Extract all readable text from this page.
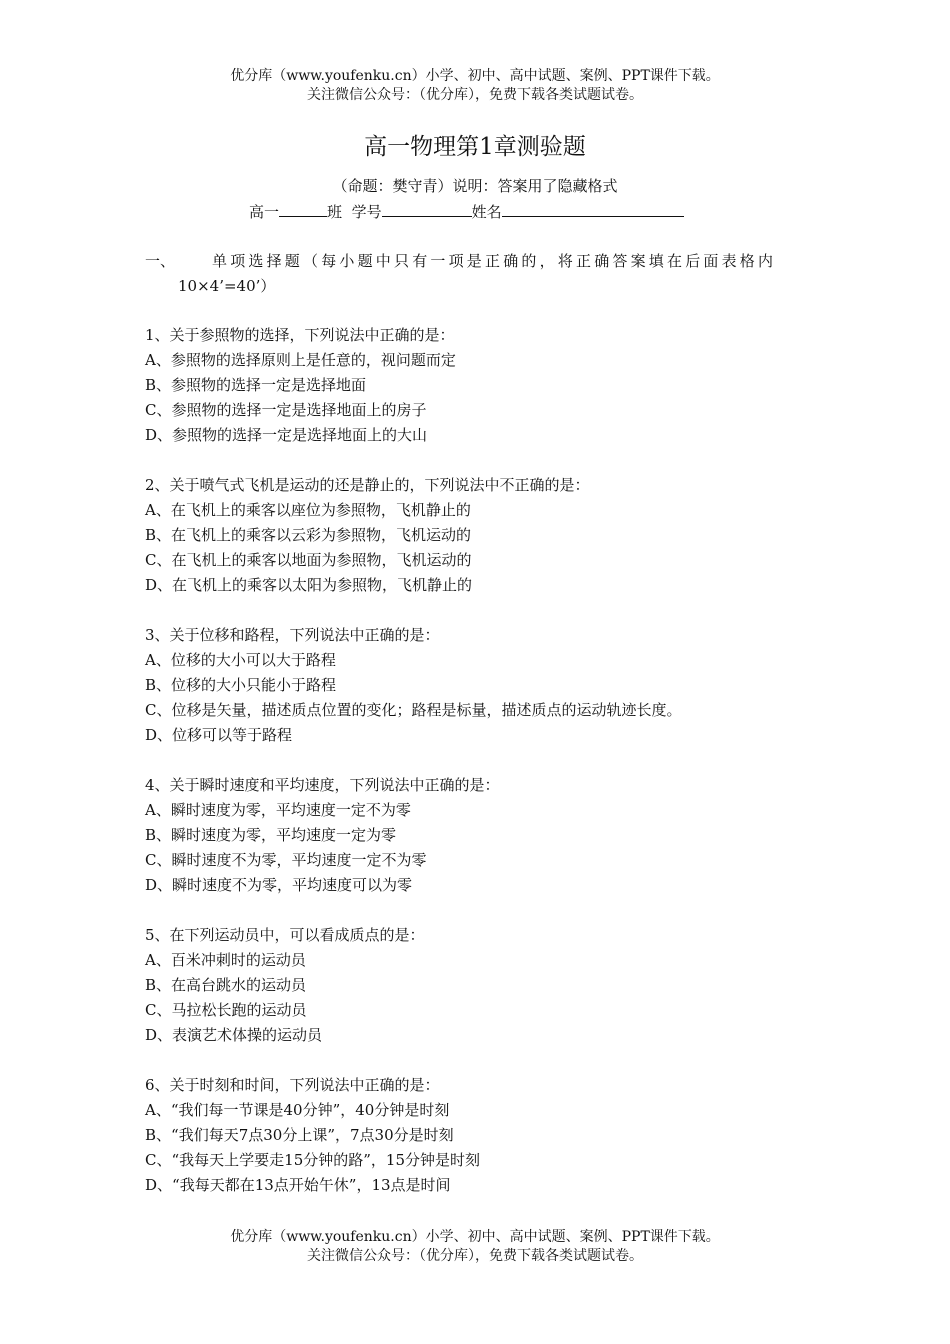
优分库（www.youfenku.cn）小学、初中、高中试题、案例、PPT课件下载。
关注微信公众号：（优分库），免费下载各类试题试卷。
高一物理第1章测验题
（命题：樊守青）说明：答案用了隐藏格式
高一	班 学号	姓名
一、 单项选择题（每小题中只有一项是正确的，将正确答案填在后面表格内
10×4’=40’）
1、关于参照物的选择，下列说法中正确的是：
A、参照物的选择原则上是任意的，视问题而定
B、参照物的选择一定是选择地面
C、参照物的选择一定是选择地面上的房子
D、参照物的选择一定是选择地面上的大山
2、关于喷气式飞机是运动的还是静止的，下列说法中不正确的是：
A、在飞机上的乘客以座位为参照物，飞机静止的
B、在飞机上的乘客以云彩为参照物，飞机运动的
C、在飞机上的乘客以地面为参照物，飞机运动的
D、在飞机上的乘客以太阳为参照物，飞机静止的
3、关于位移和路程，下列说法中正确的是：
A、位移的大小可以大于路程
B、位移的大小只能小于路程
C、位移是矢量，描述质点位置的变化；路程是标量，描述质点的运动轨迹长度。
D、位移可以等于路程
4、关于瞬时速度和平均速度，下列说法中正确的是：
A、瞬时速度为零，平均速度一定不为零
B、瞬时速度为零，平均速度一定为零
C、瞬时速度不为零，平均速度一定不为零
D、瞬时速度不为零，平均速度可以为零
5、在下列运动员中，可以看成质点的是：
A、百米冲刺时的运动员
B、在高台跳水的运动员
C、马拉松长跑的运动员
D、表演艺术体操的运动员
6、关于时刻和时间，下列说法中正确的是：
A、“我们每一节课是40分钟”，40分钟是时刻
B、“我们每天7点30分上课”，7点30分是时刻
C、“我每天上学要走15分钟的路”，15分钟是时刻
D、“我每天都在13点开始午休”，13点是时间
优分库（www.youfenku.cn）小学、初中、高中试题、案例、PPT课件下载。
关注微信公众号：（优分库），免费下载各类试题试卷。
